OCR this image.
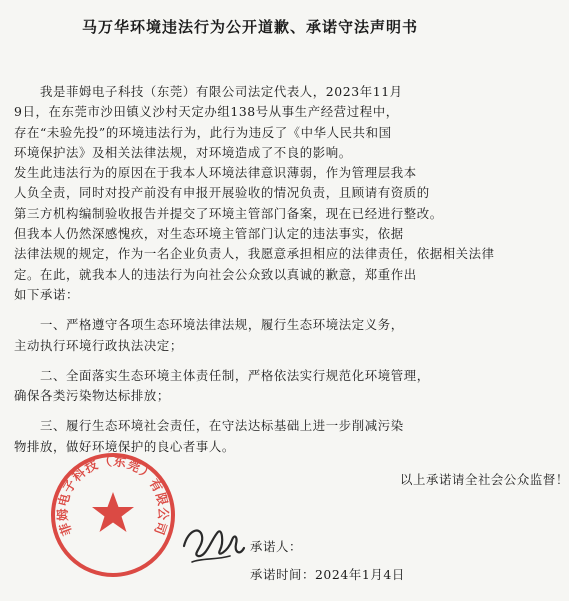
马万华环境违法行为公开道歉、承诺守法声明书
我是菲姆电子科技（东莞）有限公司法定代表人，2023年11月
9日，在东莞市沙田镇义沙村天定办组138号从事生产经营过程中，
存在“未验先投”的环境违法行为，此行为违反了《中华人民共和国
环境保护法》及相关法律法规，对环境造成了不良的影响。
发生此违法行为的原因在于我本人环境法律意识薄弱，作为管理层我本
人负全责，同时对投产前没有申报开展验收的情况负责，且顾请有资质的
第三方机构编制验收报告并提交了环境主管部门备案，现在已经进行整改。
但我本人仍然深感愧疚，对生态环境主管部门认定的违法事实，依据
法律法规的规定，作为一名企业负责人，我愿意承担相应的法律责任，依据相关法律
定。在此，就我本人的违法行为向社会公众致以真诚的歉意，郑重作出
如下承诺：
一、严格遵守各项生态环境法律法规，履行生态环境法定义务，
主动执行环境行政执法决定；
二、全面落实生态环境主体责任制，严格依法实行规范化环境管理，
确保各类污染物达标排放；
三、履行生态环境社会责任，在守法达标基础上进一步削减污染
物排放，做好环境保护的良心者事人。
以上承诺请全社会公众监督！
菲姆电子科技（东莞）有限公司
承诺人：
承诺时间：2024年1月4日
